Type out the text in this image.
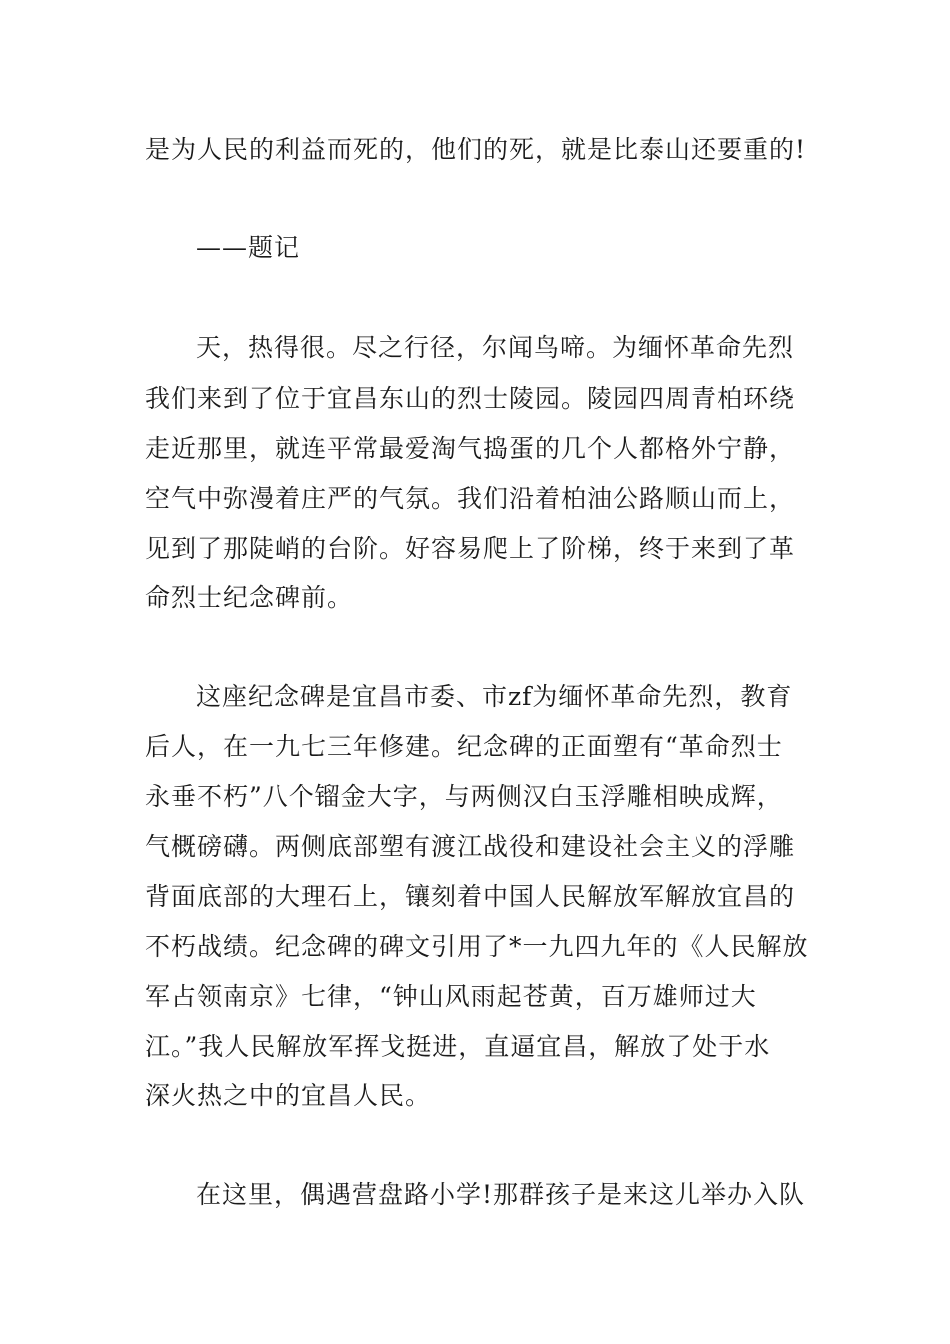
是为人民的利益而死的，他们的死，就是比泰山还要重的!

——题记

天，热得很。尽之行径，尔闻鸟啼。为缅怀革命先烈

我们来到了位于宜昌东山的烈士陵园。陵园四周青柏环绕

走近那里，就连平常最爱淘气捣蛋的几个人都格外宁静，

空气中弥漫着庄严的气氛。我们沿着柏油公路顺山而上，

见到了那陡峭的台阶。好容易爬上了阶梯，终于来到了革

命烈士纪念碑前。

这座纪念碑是宜昌市委、市zf为缅怀革命先烈，教育

后人，在一九七三年修建。纪念碑的正面塑有“革命烈士

永垂不朽”八个镏金大字，与两侧汉白玉浮雕相映成辉，

气概磅礴。两侧底部塑有渡江战役和建设社会主义的浮雕

背面底部的大理石上，镶刻着中国人民解放军解放宜昌的

不朽战绩。纪念碑的碑文引用了*一九四九年的《人民解放

军占领南京》七律，“钟山风雨起苍黄，百万雄师过大

江。”我人民解放军挥戈挺进，直逼宜昌，解放了处于水

深火热之中的宜昌人民。

在这里，偶遇营盘路小学!那群孩子是来这儿举办入队
